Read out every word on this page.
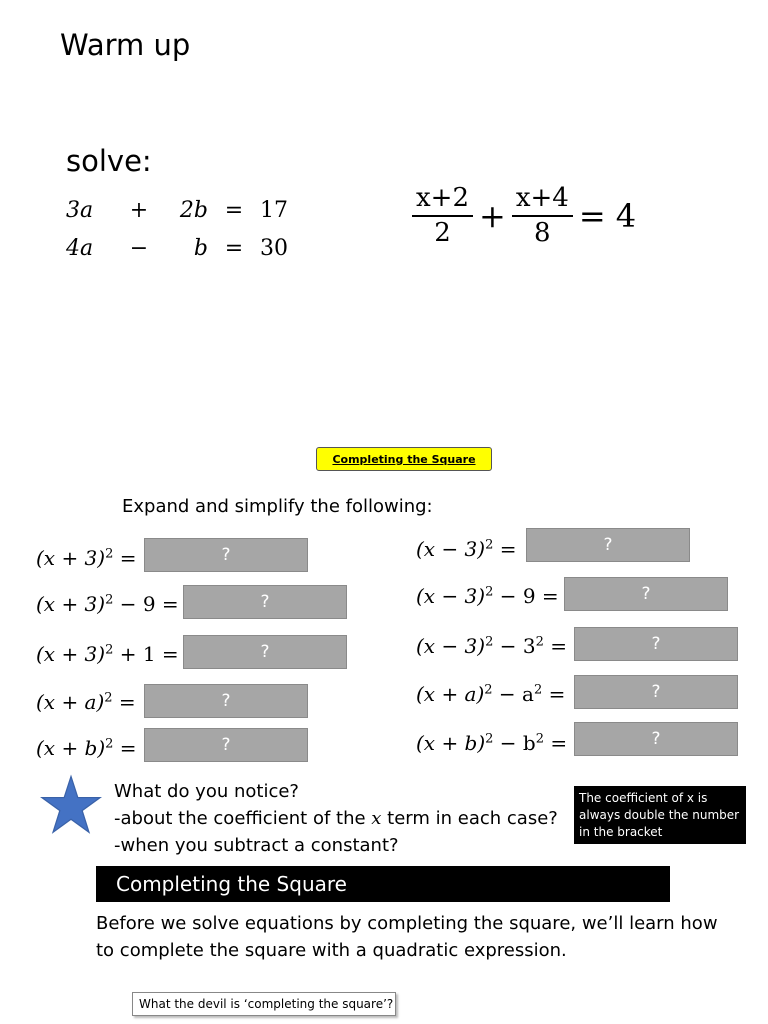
Warm up
solve:
3a	+	2b	=	17
4a	−	b	=	30
$\frac{x+2}{2} + \frac{x+4}{8} = 4$
Completing the Square
Expand and simplify the following:
$(x + 3)^2$ =	?
$(x + 3)^2 - 9$ =	?
$(x + 3)^2 + 1$ =	?
$(x + a)^2$ =	?
$(x + b)^2$ =	?
$(x - 3)^2$ =	?
$(x - 3)^2 - 9$ =	?
$(x - 3)^2 - 3^2$ =	?
$(x + a)^2 - a^2$ =	?
$(x + b)^2 - b^2$ =	?
What do you notice?
-about the coefficient of the x term in each case?
-when you subtract a constant?
The coefficient of x is always double the number in the bracket
Completing the Square
Before we solve equations by completing the square, we’ll learn how to complete the square with a quadratic expression.
What the devil is ‘completing the square’?
